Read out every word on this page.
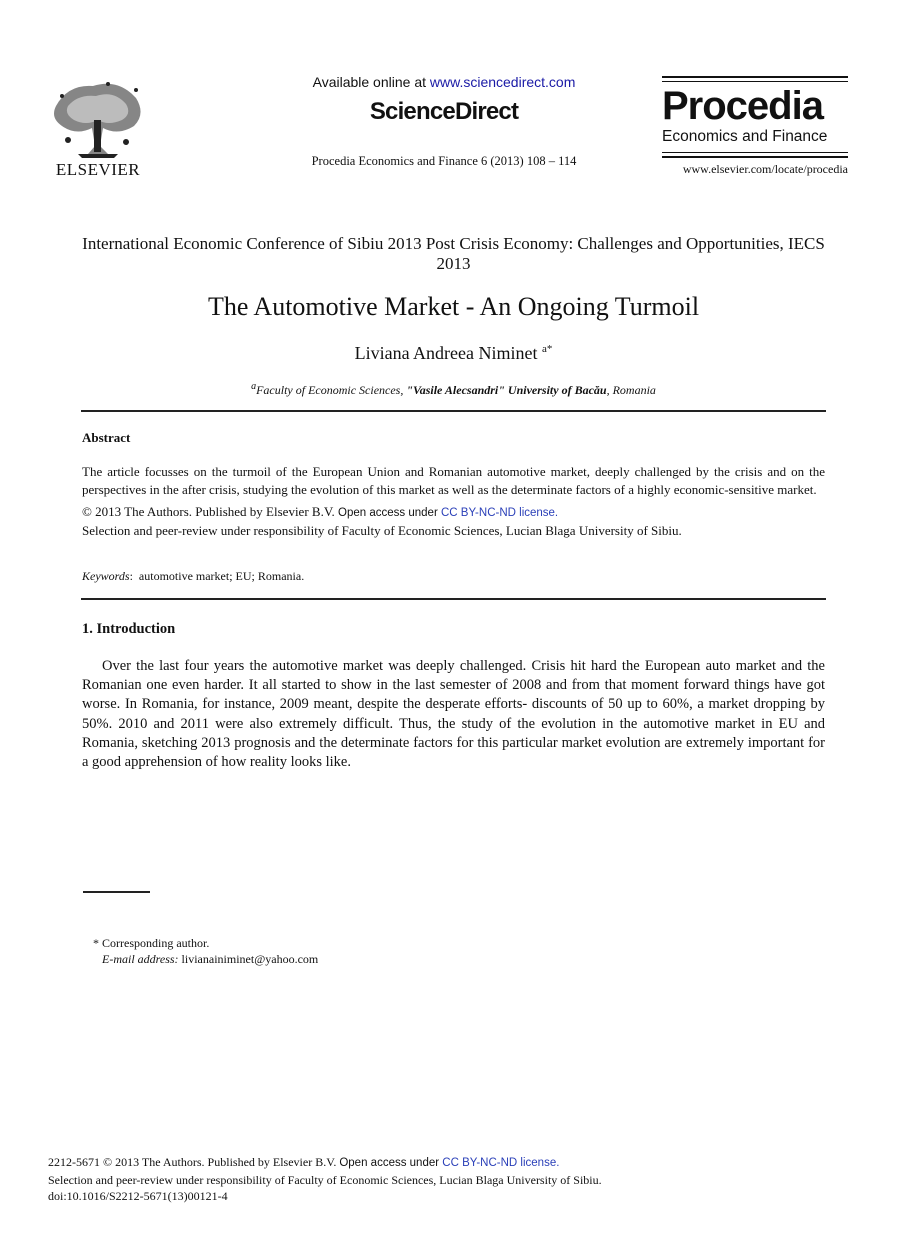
ELSEVIER
Available online at www.sciencedirect.com
ScienceDirect
Procedia Economics and Finance 6 (2013) 108 – 114
Procedia
Economics and Finance
www.elsevier.com/locate/procedia
International Economic Conference of Sibiu 2013 Post Crisis Economy: Challenges and Opportunities, IECS 2013
The Automotive Market - An Ongoing Turmoil
Liviana Andreea Niminet $^{a*}$
$^a$Faculty of Economic Sciences, "Vasile Alecsandri" University of Bacău, Romania
Abstract

The article focusses on the turmoil of the European Union and Romanian automotive market, deeply challenged by the crisis and on the perspectives in the after crisis, studying the evolution of this market as well as the determinate factors of a highly economic-sensitive market.

© 2013 The Authors. Published by Elsevier B.V. Open access under CC BY-NC-ND license.

Selection and peer-review under responsibility of Faculty of Economic Sciences, Lucian Blaga University of Sibiu.

Keywords:  automotive market; EU; Romania.
1. Introduction

Over the last four years the automotive market was deeply challenged. Crisis hit hard the European auto market and the Romanian one even harder. It all started to show in the last semester of 2008 and from that moment forward things have got worse. In Romania, for instance, 2009 meant, despite the desperate efforts- discounts of 50 up to 60%, a market dropping by 50%. 2010 and 2011 were also extremely difficult. Thus, the study of the evolution in the automotive market in EU and Romania, sketching 2013 prognosis and the determinate factors for this particular market evolution are extremely important for a good apprehension of how reality looks like.

* Corresponding author.
E-mail address: livianainiminet@yahoo.com
2212-5671 © 2013 The Authors. Published by Elsevier B.V. Open access under CC BY-NC-ND license.
Selection and peer-review under responsibility of Faculty of Economic Sciences, Lucian Blaga University of Sibiu.
doi:10.1016/S2212-5671(13)00121-4
